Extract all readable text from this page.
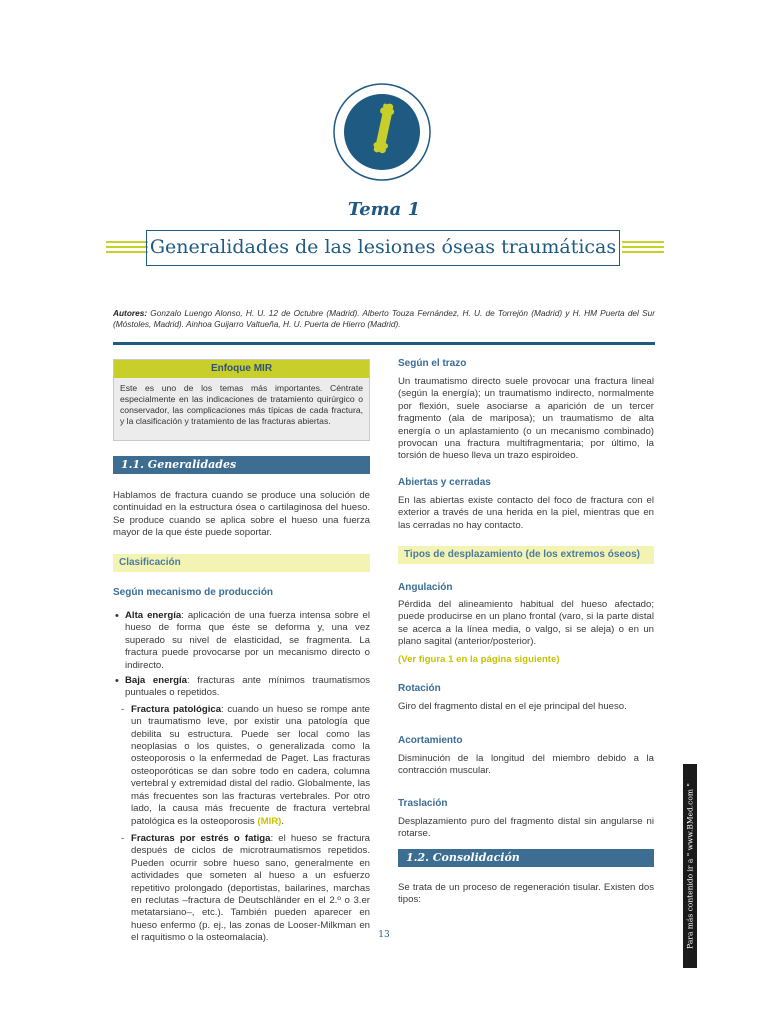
Tema 1
Generalidades de las lesiones óseas traumáticas
Autores: Gonzalo Luengo Alonso, H. U. 12 de Octubre (Madrid). Alberto Touza Fernández, H. U. de Torrejón (Madrid) y H. HM Puerta del Sur (Móstoles, Madrid). Ainhoa Guijarro Valtueña, H. U. Puerta de Hierro (Madrid).
Enfoque MIR

Este es uno de los temas más importantes. Céntrate especialmente en las indicaciones de tratamiento quirúrgico o conservador, las complicaciones más típicas de cada fractura, y la clasificación y tratamiento de las fracturas abiertas.

1.1. Generalidades

Hablamos de fractura cuando se produce una solución de continuidad en la estructura ósea o cartilaginosa del hueso. Se produce cuando se aplica sobre el hueso una fuerza mayor de la que éste puede soportar.

Clasificación
Según mecanismo de producción
• Alta energía: aplicación de una fuerza intensa sobre el hueso de forma que éste se deforma y, una vez superado su nivel de elasticidad, se fragmenta. La fractura puede provocarse por un mecanismo directo o indirecto.
• Baja energía: fracturas ante mínimos traumatismos puntuales o repetidos.
- Fractura patológica: cuando un hueso se rompe ante un traumatismo leve, por existir una patología que debilita su estructura. Puede ser local como las neoplasias o los quistes, o generalizada como la osteoporosis o la enfermedad de Paget. Las fracturas osteoporóticas se dan sobre todo en cadera, columna vertebral y extremidad distal del radio. Globalmente, las más frecuentes son las fracturas vertebrales. Por otro lado, la causa más frecuente de fractura vertebral patológica es la osteoporosis (MIR).
- Fracturas por estrés o fatiga: el hueso se fractura después de ciclos de microtraumatismos repetidos. Pueden ocurrir sobre hueso sano, generalmente en actividades que someten al hueso a un esfuerzo repetitivo prolongado (deportistas, bailarines, marchas en reclutas –fractura de Deutschländer en el 2.º o 3.er metatarsiano–, etc.). También pueden aparecer en hueso enfermo (p. ej., las zonas de Looser-Milkman en el raquitismo o la osteomalacia).
Según el trazo

Un traumatismo directo suele provocar una fractura lineal (según la energía); un traumatismo indirecto, normalmente por flexión, suele asociarse a aparición de un tercer fragmento (ala de mariposa); un traumatismo de alta energía o un aplastamiento (o un mecanismo combinado) provocan una fractura multifragmentaria; por último, la torsión de hueso lleva un trazo espiroideo.

Abiertas y cerradas

En las abiertas existe contacto del foco de fractura con el exterior a través de una herida en la piel, mientras que en las cerradas no hay contacto.

Tipos de desplazamiento (de los extremos óseos)
Angulación

Pérdida del alineamiento habitual del hueso afectado; puede producirse en un plano frontal (varo, si la parte distal se acerca a la línea media, o valgo, si se aleja) o en un plano sagital (anterior/posterior).

(Ver figura 1 en la página siguiente)
Rotación

Giro del fragmento distal en el eje principal del hueso.

Acortamiento

Disminución de la longitud del miembro debido a la contracción muscular.

Traslación

Desplazamiento puro del fragmento distal sin angularse ni rotarse.

1.2. Consolidación

Se trata de un proceso de regeneración tisular. Existen dos tipos:

13	Para más contenido ir a " www.BMed.com "
